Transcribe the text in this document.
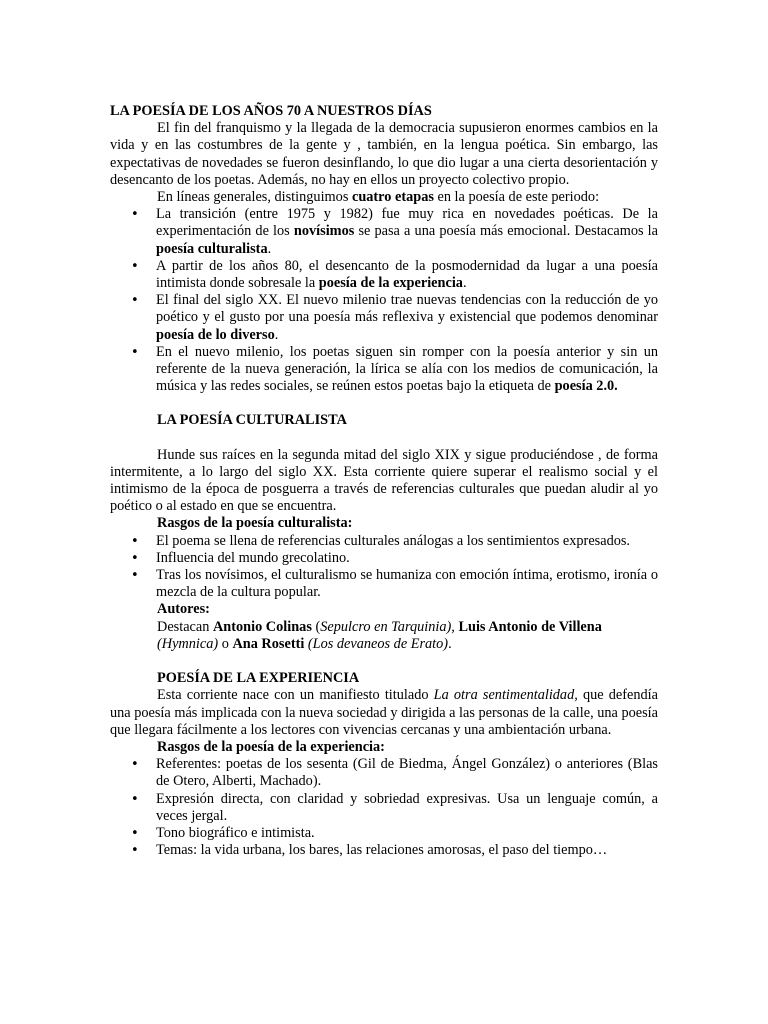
LA POESÍA DE LOS AÑOS 70 A NUESTROS DÍAS

El fin del franquismo y la llegada de la democracia supusieron enormes cambios en la vida y en las costumbres de la gente y , también, en la lengua poética. Sin embargo, las expectativas de novedades se fueron desinflando, lo que dio lugar a una cierta desorientación y desencanto de los poetas. Además, no hay en ellos un proyecto colectivo propio.

En líneas generales, distinguimos cuatro etapas en la poesía de este periodo:

• La transición (entre 1975 y 1982) fue muy rica en novedades poéticas. De la experimentación de los novísimos se pasa a una poesía más emocional. Destacamos la poesía culturalista.
• A partir de los años 80, el desencanto de la posmodernidad da lugar a una poesía intimista donde sobresale la poesía de la experiencia.
• El final del siglo XX. El nuevo milenio trae nuevas tendencias con la reducción de yo poético y el gusto por una poesía más reflexiva y existencial que podemos denominar poesía de lo diverso.
• En el nuevo milenio, los poetas siguen sin romper con la poesía anterior y sin un referente de la nueva generación, la lírica se alía con los medios de comunicación, la música y las redes sociales, se reúnen estos poetas bajo la etiqueta de poesía 2.0.

LA POESÍA CULTURALISTA

Hunde sus raíces en la segunda mitad del siglo XIX y sigue produciéndose , de forma intermitente, a lo largo del siglo XX. Esta corriente quiere superar el realismo social y el intimismo de la época de posguerra a través de referencias culturales que puedan aludir al yo poético o al estado en que se encuentra.

Rasgos de la poesía culturalista:

• El poema se llena de referencias culturales análogas a los sentimientos expresados.
• Influencia del mundo grecolatino.
• Tras los novísimos, el culturalismo se humaniza con emoción íntima, erotismo, ironía o mezcla de la cultura popular.

Autores:

Destacan Antonio Colinas (Sepulcro en Tarquinia), Luis Antonio de Villena
(Hymnica) o Ana Rosetti (Los devaneos de Erato).

POESÍA DE LA EXPERIENCIA

Esta corriente nace con un manifiesto titulado La otra sentimentalidad, que defendía una poesía más implicada con la nueva sociedad y dirigida a las personas de la calle, una poesía que llegara fácilmente a los lectores con vivencias cercanas y una ambientación urbana.

Rasgos de la poesía de la experiencia:

• Referentes: poetas de los sesenta (Gil de Biedma, Ángel González) o anteriores (Blas de Otero, Alberti, Machado).
• Expresión directa, con claridad y sobriedad expresivas. Usa un lenguaje común, a veces jergal.
• Tono biográfico e intimista.
• Temas: la vida urbana, los bares, las relaciones amorosas, el paso del tiempo…
